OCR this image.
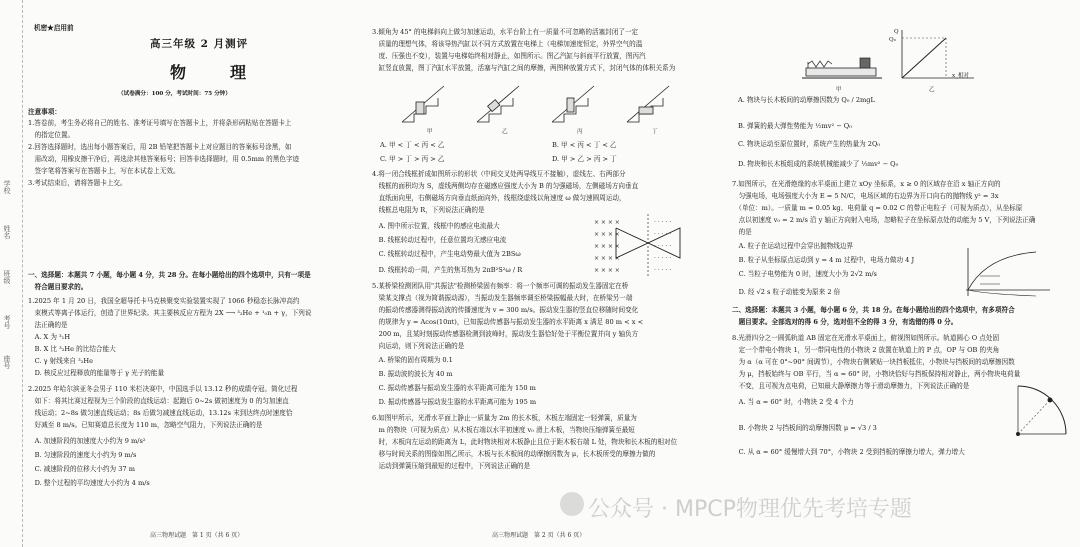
学校
姓名
班级
考号
座号
机密★启用前
高三年级 2 月测评
物　理
（试卷满分：100 分，考试时间：75 分钟）
注意事项：
1.答卷前，考生务必将自己的姓名、准考证号填写在答题卡上，并将条形码粘贴在答题卡上
　的指定位置。
2.回答选择题时，选出每小题答案后，用 2B 铅笔把答题卡上对应题目的答案标号涂黑，如
　需改动，用橡皮擦干净后，再选涂其他答案标号；回答非选择题时，用 0.5mm 的黑色字迹
　签字笔将答案写在答题卡上，写在本试卷上无效。
3.考试结束后，请将答题卡上交。
一、选择题：本题共 7 小题，每小题 4 分，共 28 分。在每小题给出的四个选项中，只有一项是
　符合题目要求的。
1.2025 年 1 月 20 日，我国全超导托卡马克核聚变实验装置实现了 1066 秒稳态长脉冲高约
　束模式等离子体运行，创造了世界纪录。其主要核反应方程为 2X ⟶ ³₂He + ¹₀n + γ，下列说
　法正确的是
　A. X 为 ³₁H
　B. X 比 ³₂He 的比结合能大
　C. γ 射线来自 ³₂He
　D. 核反应过程释放的能量等于 γ 光子的能量
2.2025 年哈尔滨亚冬会男子 110 米栏决赛中，中国选手以 13.12 秒的成绩夺冠。简化过程
　如下：将其比赛过程视为三个阶段的直线运动：起跑后 0~2s 做初速度为 0 的匀加速直
　线运动；2~8s 做匀速直线运动；8s 后做匀减速直线运动，13.12s 末到达终点时速度恰
　好减至 8 m/s。已知赛道总长度为 110 m，忽略空气阻力，下列说法正确的是
　A. 加速阶段的加速度大小约为 9 m/s²
　B. 匀速阶段的速度大小约为 9 m/s
　C. 减速阶段的位移大小约为 37 m
　D. 整个过程的平均速度大小约为 4 m/s
高三物理试题　第 1 页（共 6 页）
3.倾角为 45° 的电梯斜向上做匀加速运动，水平台阶上有一质量不可忽略的活塞封闭了一定
　质量的理想气体，将该导热汽缸以不同方式放置在电梯上（电梯加速度恒定，外界空气的温
　度、压强也不变），装置与电梯始终相对静止，如图所示。图乙汽缸与斜面平行放置，图丙汽
　缸竖直放置，图丁汽缸水平放置，活塞与汽缸之间的摩擦，两图种放置方式下，封闭气体的体积关系为
甲	乙	丙	丁
A. 甲 < 丁 < 丙 < 乙	B. 甲 < 丙 < 丁 < 乙
C. 甲 > 丁 > 丙 > 乙	D. 甲 > 乙 > 丙 > 丁
4.将一闭合线框折成如图所示的形状（中间交叉处两导线互不接触），虚线左、右两部分
　线框的面积均为 S，虚线两侧均存在磁感应强度大小为 B 的匀强磁场，左侧磁场方向垂直
　直纸面向里，右侧磁场方向垂直纸面向外，线框绕虚线以角速度 ω 做匀速圆周运动，
　线框总电阻为 R，下列说法正确的是
　A. 图中所示位置，线框中的感应电流最大
　B. 线框转动过程中，任意位置均无感应电流
　C. 线框转动过程中，产生电动势最大值为 2BSω
　D. 线框转动一周，产生的焦耳热为 2πB²S²ω / R
× × × ×
× × × ×
× × × ×
× × × ×
× × × ×
· · · · ·
· · · · ·
· · · · ·
· · · · ·
· · · · ·
5.某桥梁检测团队用"共振法"检测桥梁固有频率：将一个频率可调的振动发生器固定在桥
　梁某支撑点（视为简谐振动源），当振动发生器频率调至桥梁振幅最大时，在桥梁另一端
　的振动传感器测得振动波的传播速度为 v = 300 m/s。振动发生器的竖直位移随时间变化
　的规律为 y = Acos(10πt)，已知振动传感器与振动发生器的水平距离 x 满足 80 m < x <
　200 m，且某时刻振动传感器检测到波峰时，振动发生器恰好处于平衡位置并向 y 轴负方
　向运动，则下列说法正确的是
　A. 桥梁的固有周期为 0.1
　B. 振动波的波长为 40 m
　C. 振动传感器与振动发生器的水平距离可能为 150 m
　D. 振动传感器与振动发生器的水平距离可能为 195 m
6.如图甲所示，光滑水平面上静止一质量为 2m 的长木板，木板左端固定一轻弹簧，质量为
　m 的物块（可视为质点）从木板右端以水平初速度 v₀ 滑上木板，当物块压缩弹簧至最短
　时，木板向左运动的距离为 L，此时物块相对木板静止且位于距木板右端 L 处，物块和长木板的相对位
　移与时间关系的图像如图乙所示，木板与长木板间的动摩擦因数为 μ，长木板所受的摩擦力做的
　运动到弹簧压缩到最短的过程中，下列说法正确的是
高三物理试题　第 2 页（共 6 页）
甲
Q
Q₀
x_相对
乙
A. 物块与长木板间的动摩擦因数为 Q₀ / 2mgL
B. 弹簧的最大弹性势能为 ½mv² − Q₀
C. 物块运动至原位置时，系统产生的热量为 2Q₀
D. 物块和长木板组成的系统机械能减少了 ⅓mv² − Q₀
7.如图所示，在光滑绝缘的水平桌面上建立 xOy 坐标系，x ≥ 0 的区域存在沿 x 轴正方向的
　匀强电场，电场强度大小为 E = 5 N/C，电场区域的右边界为开口向右的抛物线 y² = 3x
　（单位：m）。一质量 m = 0.05 kg、电荷量 q = 0.02 C 的带正电粒子（可视为质点），从坐标原
　点以初速度 v₀ = 2 m/s 沿 y 轴正方向射入电场，忽略粒子在坐标原点处的动能为 5 V，下列说法正确
　的是
　A. 粒子在运动过程中会穿出抛物线边界
　B. 粒子从坐标原点运动到 y = 4 m 过程中，电场力做功 4 J
　C. 当粒子电势能为 0 时，速度大小为 2√2 m/s
　D. 经 √2 s 粒子动能变为原来 2 倍
二、选择题：本题共 3 小题，每小题 6 分，共 18 分。在每小题给出的四个选项中，有多项符合
　题目要求。全部选对的得 6 分，选对但不全的得 3 分，有选错的得 0 分。
8.光滑四分之一圆弧轨道 AB 固定在光滑水平桌面上，俯视图如图所示。轨道圆心 O 点处固
　定一个带电小物块 1，另一带同电性的小物块 2 放置在轨道上的 P 点，OP 与 OB 的夹角
　为 α（α 可在 0°~90° 间调节），小物块右侧紧贴一块挡板抵住，小物块与挡板间的动摩擦因数
　为 μ，挡板始终与 OB 平行，当 α = 60° 时，小物块恰好与挡板保持相对静止，两小物块电荷量
　不变，且可视为点电荷，已知最大静摩擦力等于滑动摩擦力，下列说法正确的是
　A. 当 α = 60° 时，小物块 2 受 4 个力
　B. 小物块 2 与挡板间的动摩擦因数 μ = √3 / 3
　C. 从 α = 60° 缓慢增大到 70°，小物块 2 受到挡板的摩擦力增大，弹力增大
公众号 · MPCP物理优先考培专题
